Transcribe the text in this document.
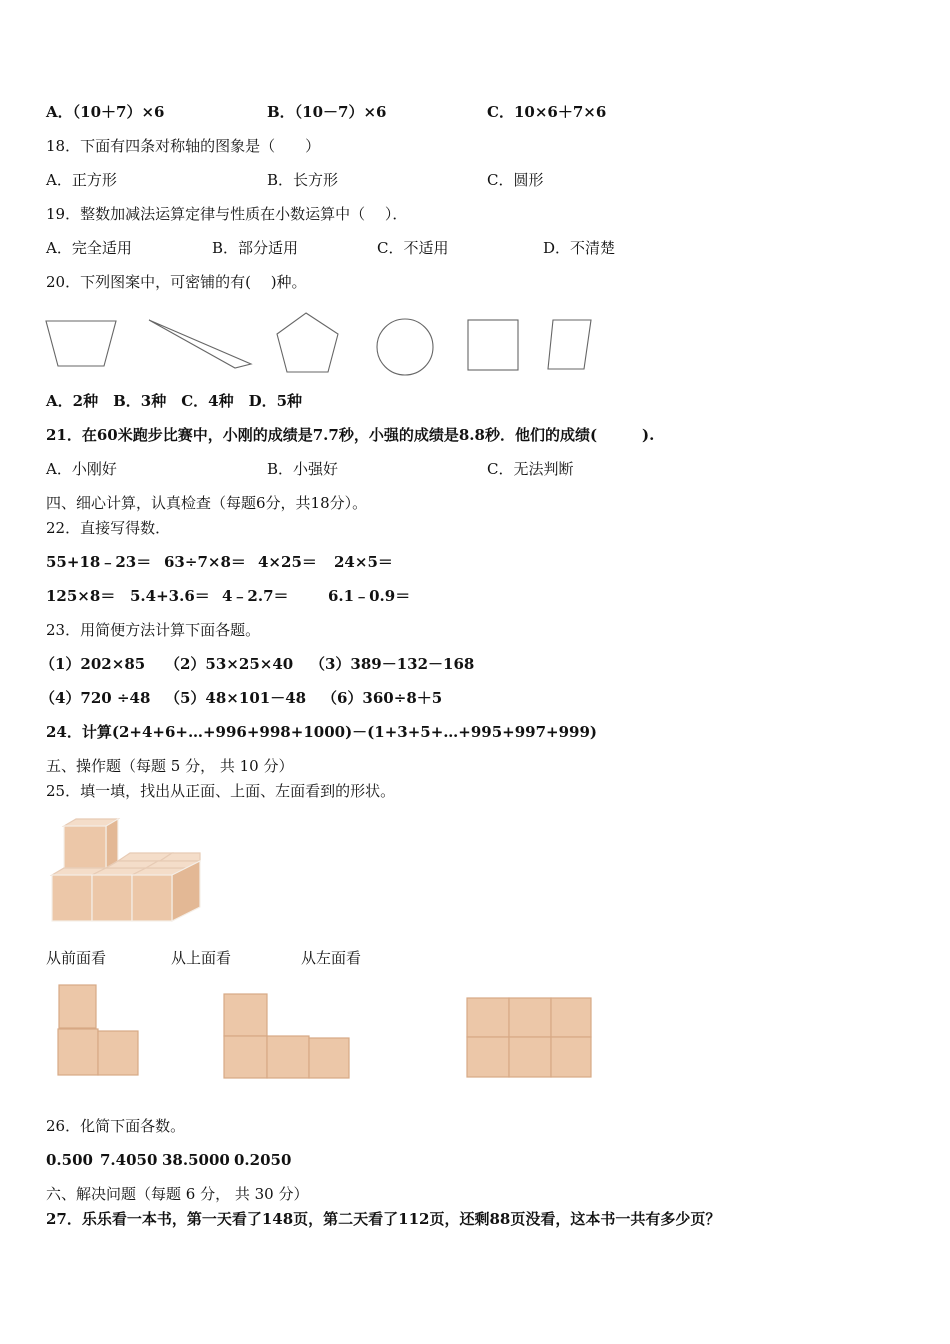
A．（10＋7）×6	B．（10－7）×6	C．10×6＋7×6
18．下面有四条对称轴的图象是（　　）
A．正方形	B．长方形	C．圆形
19．整数加减法运算定律与性质在小数运算中（　 ）．
A．完全适用	B．部分适用	C．不适用	D．不清楚
20．下列图案中，可密铺的有(　 )种。
A．2种　B．3种　C．4种　D．5种
21．在60米跑步比赛中，小刚的成绩是7.7秒，小强的成绩是8.8秒．他们的成绩(　　　).
A．小刚好	B．小强好	C．无法判断
四、细心计算，认真检查（每题6分，共18分）。
22．直接写得数．
55+18﹣23＝ 63÷7×8＝ 4×25＝ 24×5＝
125×8＝ 5.4+3.6＝ 4﹣2.7＝	6.1﹣0.9＝
23．用简便方法计算下面各题。
（1）202×85 （2）53×25×40 （3）389－132－168
（4）720 ÷48 （5）48×101－48 （6）360÷8＋5
24．计算(2+4+6+…+996+998+1000)－(1+3+5+…+995+997+999)
五、操作题（每题 5 分， 共 10 分）
25．填一填，找出从正面、上面、左面看到的形状。
从前面看	从上面看	从左面看
26．化简下面各数。
0.500 7.4050 38.5000 0.2050
六、解决问题（每题 6 分， 共 30 分）
27．乐乐看一本书，第一天看了148页，第二天看了112页，还剩88页没看，这本书一共有多少页？
